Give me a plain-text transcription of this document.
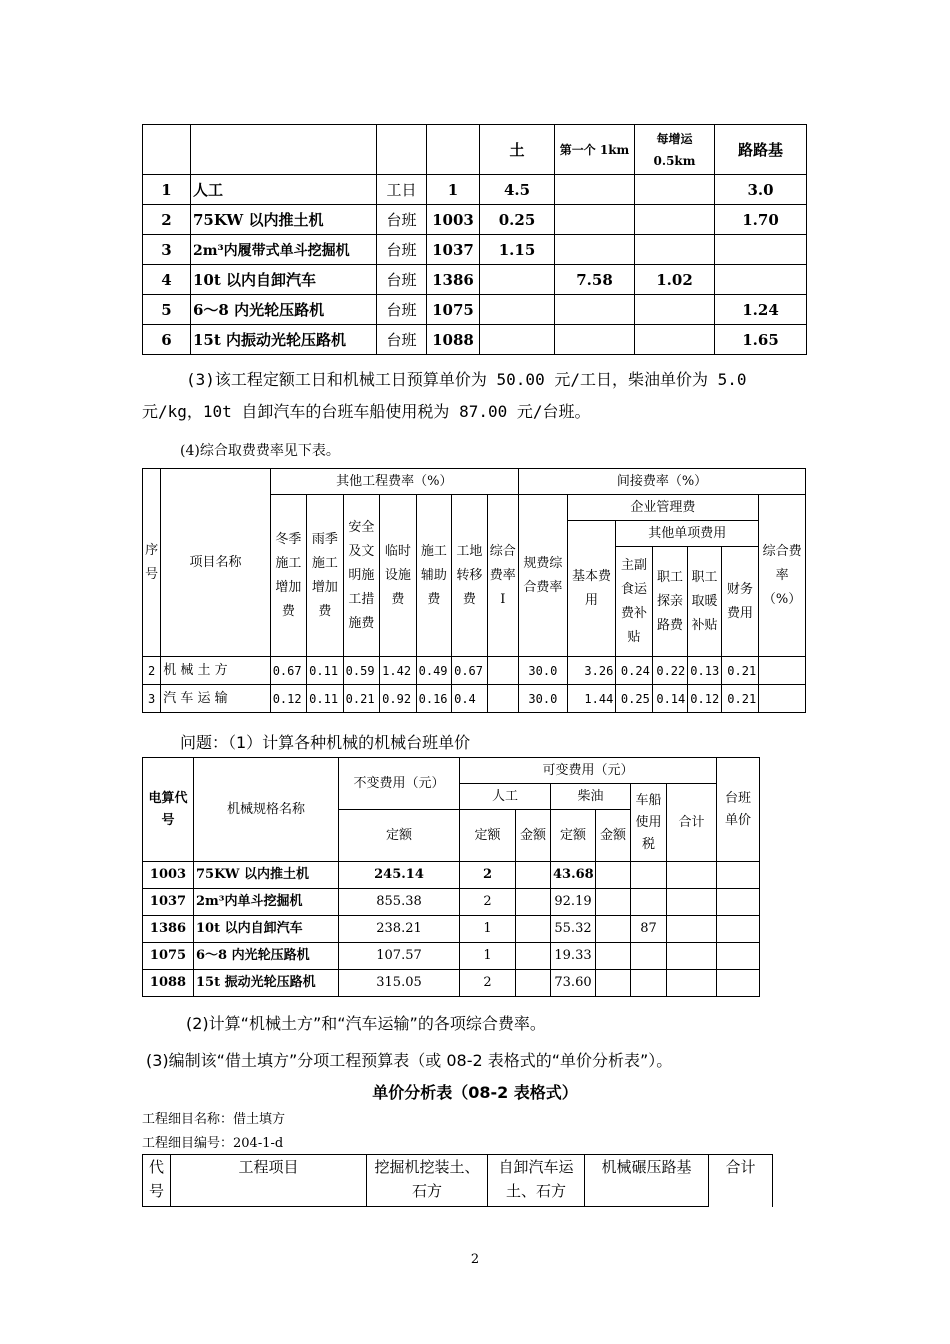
				土	第一个 1km	每增运 0.5km	路路基
1	人工	工日	1	4.5			3.0
2	75KW 以内推土机	台班	1003	0.25			1.70
3	2m³内履带式单斗挖掘机	台班	1037	1.15			
4	10t 以内自卸汽车	台班	1386		7.58	1.02	
5	6～8 内光轮压路机	台班	1075				1.24
6	15t 内振动光轮压路机	台班	1088				1.65
(3)该工程定额工日和机械工日预算单价为 50.00 元/工日，柴油单价为 5.0
元/kg，10t 自卸汽车的台班车船使用税为 87.00 元/台班。
(4)综合取费费率见下表。
序号	项目名称	其他工程费率（%）							间接费率（%）						
		冬季施工增加费	雨季施工增加费	安全及文明施工措施费	临时设施费	施工辅助费	工地转移费	综合费率Ⅰ	规费综合费率	企业管理费					综合费率（%）
										基本费用	其他单项费用				
											主副食运费补贴	职工探亲路费	职工取暖补贴	财务费用	
2	机 械 土 方	0.67	0.11	0.59	1.42	0.49	0.67		30.0	3.26	0.24	0.22	0.13	0.21	
3	汽 车 运 输	0.12	0.11	0.21	0.92	0.16	0.4		30.0	1.44	0.25	0.14	0.12	0.21	
问题：（1）计算各种机械的机械台班单价
电算代号	机械规格名称	不变费用（元）	可变费用（元）						台班单价
			人工		柴油		车船使用税	合计	
		定额	定额	金额	定额	金额			
1003	75KW 以内推土机	245.14	2		43.68				
1037	2m³内单斗挖掘机	855.38	2		92.19				
1386	10t 以内自卸汽车	238.21	1		55.32		87		
1075	6～8 内光轮压路机	107.57	1		19.33				
1088	15t 振动光轮压路机	315.05	2		73.60				
(2)计算“机械土方”和“汽车运输”的各项综合费率。
(3)编制该“借土填方”分项工程预算表（或 08-2 表格式的“单价分析表”）。
单价分析表（08-2 表格式）
工程细目名称：借土填方
工程细目编号：204-1-d
代号	工程项目	挖掘机挖装土、石方	自卸汽车运土、石方	机械碾压路基	合计
2
